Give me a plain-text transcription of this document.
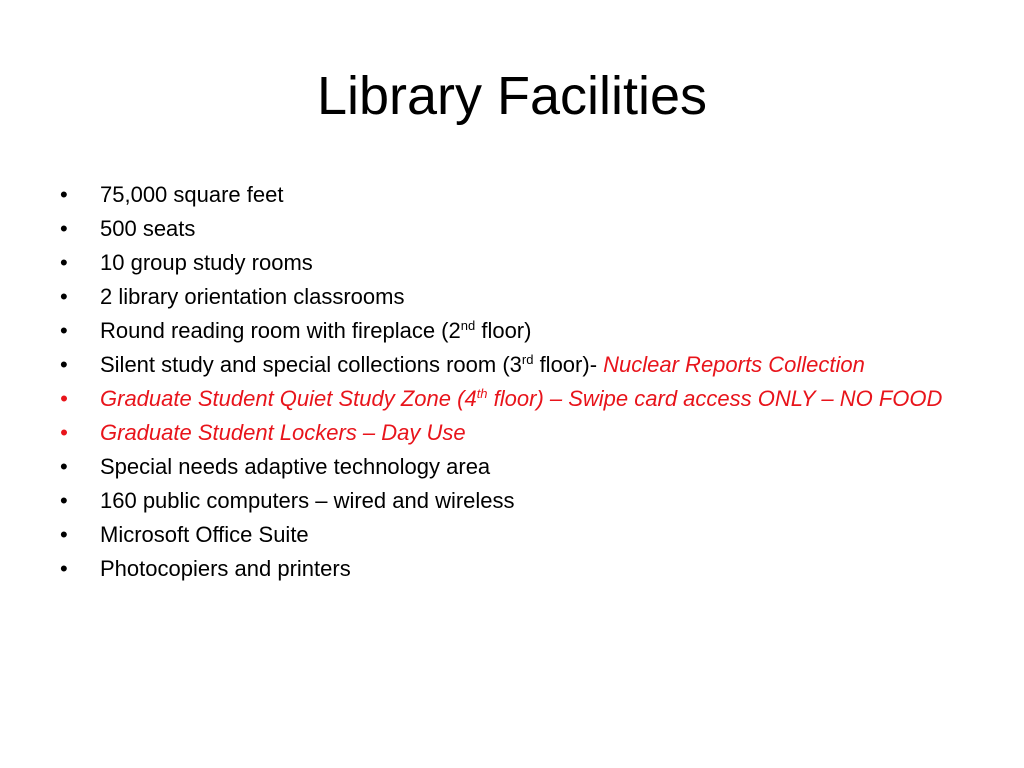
Library Facilities
•	75,000 square feet
•	500 seats
•	10 group study rooms
•	2 library orientation classrooms
•	Round reading room with fireplace (2nd floor)
•	Silent study and special collections room (3rd floor)- Nuclear Reports Collection
•	Graduate Student Quiet Study Zone (4th floor) – Swipe card access ONLY – NO FOOD
•	Graduate Student Lockers – Day Use
•	Special needs adaptive technology area
•	160 public computers – wired and wireless
•	Microsoft Office Suite
•	Photocopiers and printers
